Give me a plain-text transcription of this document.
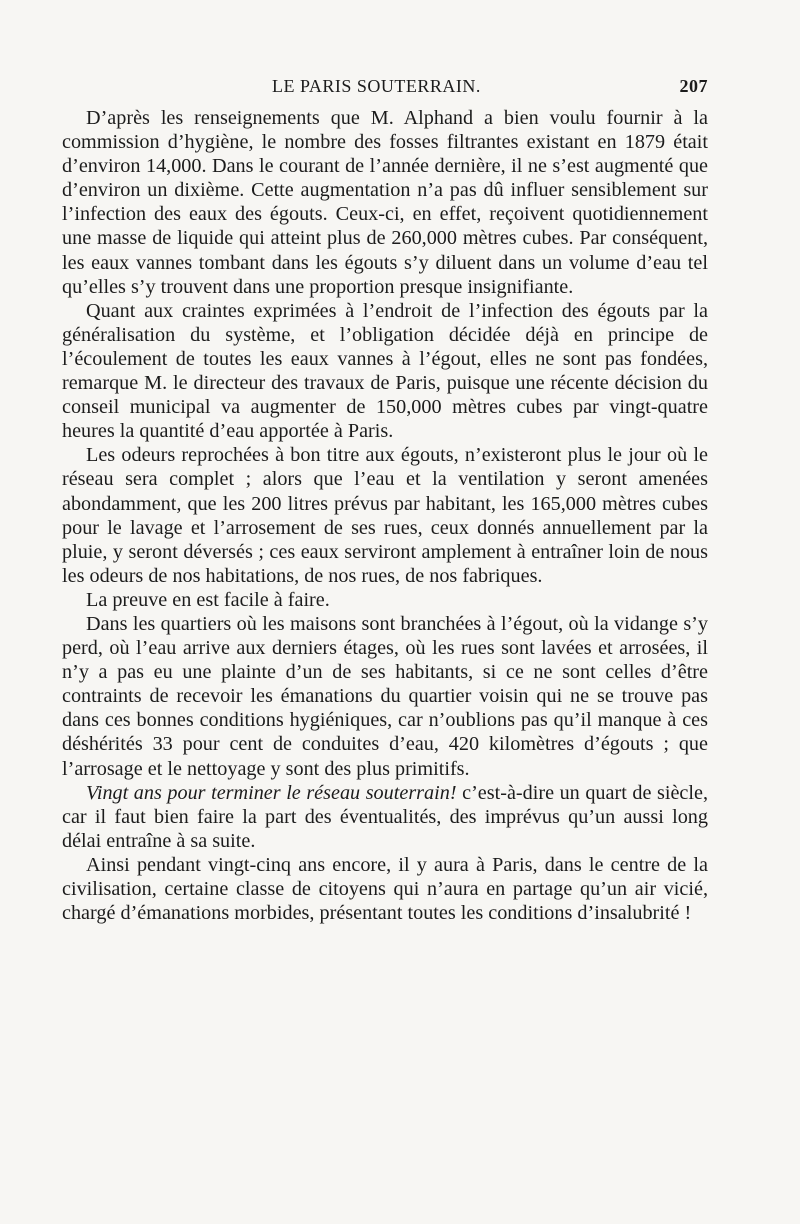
LE PARIS SOUTERRAIN.	207

D’après les renseignements que M. Alphand a bien voulu fournir à la commission d’hygiène, le nombre des fosses filtrantes existant en 1879 était d’environ 14,000. Dans le courant de l’année dernière, il ne s’est augmenté que d’environ un dixième. Cette augmentation n’a pas dû influer sensiblement sur l’infection des eaux des égouts. Ceux-ci, en effet, reçoivent quotidiennement une masse de liquide qui atteint plus de 260,000 mètres cubes. Par conséquent, les eaux vannes tombant dans les égouts s’y diluent dans un volume d’eau tel qu’elles s’y trouvent dans une proportion presque insignifiante.

Quant aux craintes exprimées à l’endroit de l’infection des égouts par la généralisation du système, et l’obligation décidée déjà en principe de l’écoulement de toutes les eaux vannes à l’égout, elles ne sont pas fondées, remarque M. le directeur des travaux de Paris, puisque une récente décision du conseil municipal va augmenter de 150,000 mètres cubes par vingt-quatre heures la quantité d’eau apportée à Paris.

Les odeurs reprochées à bon titre aux égouts, n’existeront plus le jour où le réseau sera complet ; alors que l’eau et la ventilation y seront amenées abondamment, que les 200 litres prévus par habitant, les 165,000 mètres cubes pour le lavage et l’arrosement de ses rues, ceux donnés annuellement par la pluie, y seront déversés ; ces eaux serviront amplement à entraîner loin de nous les odeurs de nos habitations, de nos rues, de nos fabriques.

La preuve en est facile à faire.

Dans les quartiers où les maisons sont branchées à l’égout, où la vidange s’y perd, où l’eau arrive aux derniers étages, où les rues sont lavées et arrosées, il n’y a pas eu une plainte d’un de ses habitants, si ce ne sont celles d’être contraints de recevoir les émanations du quartier voisin qui ne se trouve pas dans ces bonnes conditions hygiéniques, car n’oublions pas qu’il manque à ces déshérités 33 pour cent de conduites d’eau, 420 kilomètres d’égouts ; que l’arrosage et le nettoyage y sont des plus primitifs.

Vingt ans pour terminer le réseau souterrain! c’est-à-dire un quart de siècle, car il faut bien faire la part des éventualités, des imprévus qu’un aussi long délai entraîne à sa suite.

Ainsi pendant vingt-cinq ans encore, il y aura à Paris, dans le centre de la civilisation, certaine classe de citoyens qui n’aura en partage qu’un air vicié, chargé d’émanations morbides, présentant toutes les conditions d’insalubrité !
